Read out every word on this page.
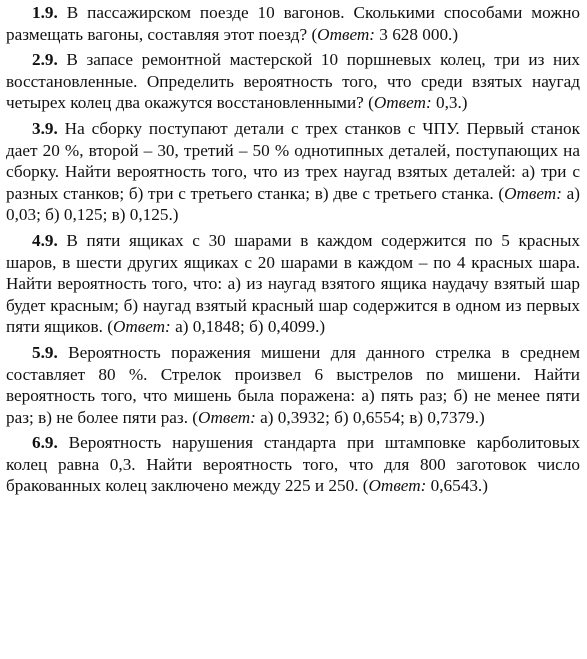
1.9. В пассажирском поезде 10 вагонов. Сколькими способами можно размещать вагоны, составляя этот поезд? (Ответ: 3 628 000.)

2.9. В запасе ремонтной мастерской 10 поршневых колец, три из них восстановленные. Определить вероятность того, что среди взятых наугад четырех колец два окажутся восстановленными? (Ответ: 0,3.)

3.9. На сборку поступают детали с трех станков с ЧПУ. Первый станок дает 20 %, второй – 30, третий – 50 % однотипных деталей, поступающих на сборку. Найти вероятность того, что из трех наугад взятых деталей: а) три с разных станков; б) три с третьего станка; в) две с третьего станка. (Ответ: а) 0,03; б) 0,125; в) 0,125.)

4.9. В пяти ящиках с 30 шарами в каждом содержится по 5 красных шаров, в шести других ящиках с 20 шарами в каждом – по 4 красных шара. Найти вероятность того, что: а) из наугад взятого ящика наудачу взятый шар будет красным; б) наугад взятый красный шар содержится в одном из первых пяти ящиков. (Ответ: а) 0,1848; б) 0,4099.)

5.9. Вероятность поражения мишени для данного стрелка в среднем составляет 80 %. Стрелок произвел 6 выстрелов по мишени. Найти вероятность того, что мишень была поражена: а) пять раз; б) не менее пяти раз; в) не более пяти раз. (Ответ: а) 0,3932; б) 0,6554; в) 0,7379.)

6.9. Вероятность нарушения стандарта при штамповке карболитовых колец равна 0,3. Найти вероятность того, что для 800 заготовок число бракованных колец заключено между 225 и 250. (Ответ: 0,6543.)
